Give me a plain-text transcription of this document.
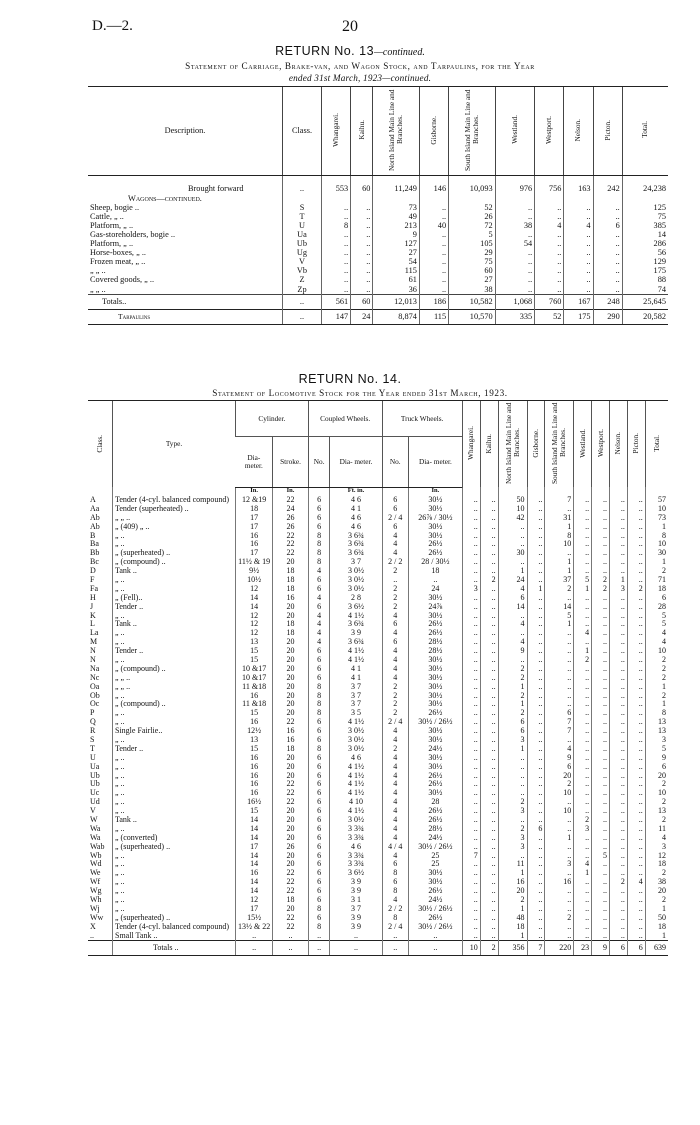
D.—2.	20
RETURN No. 13—continued.
Statement of Carriage, Brake-van, and Wagon Stock, and Tarpaulins, for the Year
ended 31st March, 1923—continued.
Description.	Class.	Whangarei.	Kaihu.	North Island Main Line and Branches.	Gisborne.	South Island Main Line and Branches.	Westland.	Westport.	Nelson.	Picton.	Total.

Brought forward	..	553	60	11,249	146	10,093	976	756	163	242	24,238
Wagons—continued.											
Sheep, bogie ..	S	..	..	73	..	52	..	..	..	..	125
Cattle, „ ..	T	..	..	49	..	26	..	..	..	..	75
Platform, „ ..	U	8	..	213	40	72	38	4	4	6	385
Gas-storeholders, bogie ..	Ua	..	..	9	..	5	..	..	..	..	14
Platform, „ ..	Ub	..	..	127	..	105	54	..	..	..	286
Horse-boxes, „ ..	Ug	..	..	27	..	29	..	..	..	..	56
Frozen meat, „ ..	V	..	..	54	..	75	..	..	..	..	129
„ „ ..	Vb	..	..	115	..	60	..	..	..	..	175
Covered goods, „ ..	Z	..	..	61	..	27	..	..	..	..	88
„ „ ..	Zp	..	..	36	..	38	..	..	..	..	74
Totals..	..	561	60	12,013	186	10,582	1,068	760	167	248	25,645
Tarpaulins	..	147	24	8,874	115	10,570	335	52	175	290	20,582
RETURN No. 14.
Statement of Locomotive Stock for the Year ended 31st March, 1923.
Class.	Type.	Cylinder.		Coupled Wheels.		Truck Wheels.		Whangarei.	Kaihu.	North Island Main Line and Branches.	Gisborne.	South Island Main Line and Branches.	Westland.	Westport.	Nelson.	Picton.	Total.
		Dia- meter.	Stroke.	No.	Dia- meter.	No.	Dia- meter.										
		In.	In.		Ft. in.		In.										
A	Tender (4-cyl. balanced compound)	12 &19	22	6	4 6	6	30½	..	..	50	..	7	..	..	..	..	57
Aa	Tender (superheated) ..	18	24	6	4 1	6	30½	..	..	10	..	..	..	..	..	..	10
Ab	„ „ ..	17	26	6	4 6	2 / 4	26⅞ / 30½	..	..	42	..	31	..	..	..	..	73
Ab	„ (409) „ ..	17	26	6	4 6	6	30½	..	..	..	..	1	..	..	..	..	1
B	„ ..	16	22	8	3 6¾	4	30½	..	..	..	..	8	..	..	..	..	8
Ba	„ ..	16	22	8	3 6¾	4	26½	..	..	..	..	10	..	..	..	..	10
Bb	„ (superheated) ..	17	22	8	3 6¾	4	26½	..	..	30	..	..	..	..	..	..	30
Bc	„ (compound) ..	11½ & 19	20	8	3 7	2 / 2	28 / 30½	..	..	..	..	1	..	..	..	..	1
D	Tank ..	9½	18	4	3 0½	2	18	..	..	1	..	1	..	..	..	..	2
F	„ ..	10½	18	6	3 0½	..	..	..	2	24	..	37	5	2	1	..	71
Fa	„ ..	12	18	6	3 0½	2	24	3	..	4	1	2	1	2	3	2	18
H	„ (Fell)..	14	16	4	2 8	2	30½	..	..	6	..	..	..	..	..	..	6
J	Tender ..	14	20	6	3 6½	2	24⅞	..	..	14	..	14	..	..	..	..	28
K	„ ..	12	20	4	4 1½	4	30½	..	..	..	..	5	..	..	..	..	5
L	Tank ..	12	18	4	3 6¾	6	26½	..	..	4	..	1	..	..	..	..	5
La	„ ..	12	18	4	3 9	4	26½	..	..	..	..	..	4	..	..	..	4
M	„ ..	13	20	4	3 6¾	6	28½	..	..	4	..	..	..	..	..	..	4
N	Tender ..	15	20	6	4 1½	4	28½	..	..	9	..	..	1	..	..	..	10
N	„ ..	15	20	6	4 1½	4	30½	..	..	..	..	..	2	..	..	..	2
Na	„ (compound) ..	10 &17	20	6	4 1	4	30½	..	..	2	..	..	..	..	..	..	2
Nc	„ „ ..	10 &17	20	6	4 1	4	30½	..	..	2	..	..	..	..	..	..	2
Oa	„ „ ..	11 &18	20	8	3 7	2	30½	..	..	1	..	..	..	..	..	..	1
Ob	„ ..	16	20	8	3 7	2	30½	..	..	2	..	..	..	..	..	..	2
Oc	„ (compound) ..	11 &18	20	8	3 7	2	30½	..	..	1	..	..	..	..	..	..	1
P	„ ..	15	20	8	3 5	2	26½	..	..	2	..	6	..	..	..	..	8
Q	„ ..	16	22	6	4 1½	2 / 4	30½ / 26½	..	..	6	..	7	..	..	..	..	13
R	Single Fairlie..	12½	16	6	3 0½	4	30½	..	..	6	..	7	..	..	..	..	13
S	„ ..	13	16	6	3 0½	4	30½	..	..	3	..	..	..	..	..	..	3
T	Tender ..	15	18	8	3 0½	2	24½	..	..	1	..	4	..	..	..	..	5
U	„ ..	16	20	6	4 6	4	30½	..	..	..	..	9	..	..	..	..	9
Ua	„ ..	16	20	6	4 1½	4	30½	..	..	..	..	6	..	..	..	..	6
Ub	„ ..	16	20	6	4 1½	4	26½	..	..	..	..	20	..	..	..	..	20
Ub	„ ..	16	22	6	4 1½	4	26½	..	..	..	..	2	..	..	..	..	2
Uc	„ ..	16	22	6	4 1½	4	30½	..	..	..	..	10	..	..	..	..	10
Ud	„ ..	16½	22	6	4 10	4	28	..	..	2	..	..	..	..	..	..	2
V	„ ..	15	20	6	4 1½	4	26½	..	..	3	..	10	..	..	..	..	13
W	Tank ..	14	20	6	3 0½	4	26½	..	..	..	..	..	2	..	..	..	2
Wa	„ ..	14	20	6	3 3¾	4	28½	..	..	2	6	..	3	..	..	..	11
Wa	„ (converted)	14	20	6	3 3¾	4	24½	..	..	3	..	1	..	..	..	..	4
Wab	„ (superheated) ..	17	26	6	4 6	4 / 4	30½ / 26½	..	..	3	..	..	..	..	..	..	3
Wb	„ ..	14	20	6	3 3¾	4	25	7	..	..	..	..	..	5	..	..	12
Wd	„ ..	14	20	6	3 3¾	6	25	..	..	11	..	3	4	..	..	..	18
We	„ ..	16	22	6	3 6½	8	30½	..	..	1	..	..	1	..	..	..	2
Wf	„ ..	14	22	6	3 9	6	30½	..	..	16	..	16	..	..	2	4	38
Wg	„ ..	14	22	6	3 9	8	26½	..	..	20	..	..	..	..	..	..	20
Wh	„ ..	12	18	6	3 1	4	24½	..	..	2	..	..	..	..	..	..	2
Wj	„ ..	17	20	8	3 7	2 / 2	30½ / 26½	..	..	1	..	..	..	..	..	..	1
Ww	„ (superheated) ..	15½	22	6	3 9	8	26½	..	..	48	..	2	..	..	..	..	50
X	Tender (4-cyl. balanced compound)	13½ & 22	22	8	3 9	2 / 4	30½ / 26½	..	..	18	..	..	..	..	..	..	18
..	Small Tank ..	..	..	..	..	..	..	..	..	1	..	..	..	..	..	..	1
	Totals ..	..	..	..	..	..	..	10	2	356	7	220	23	9	6	6	639
